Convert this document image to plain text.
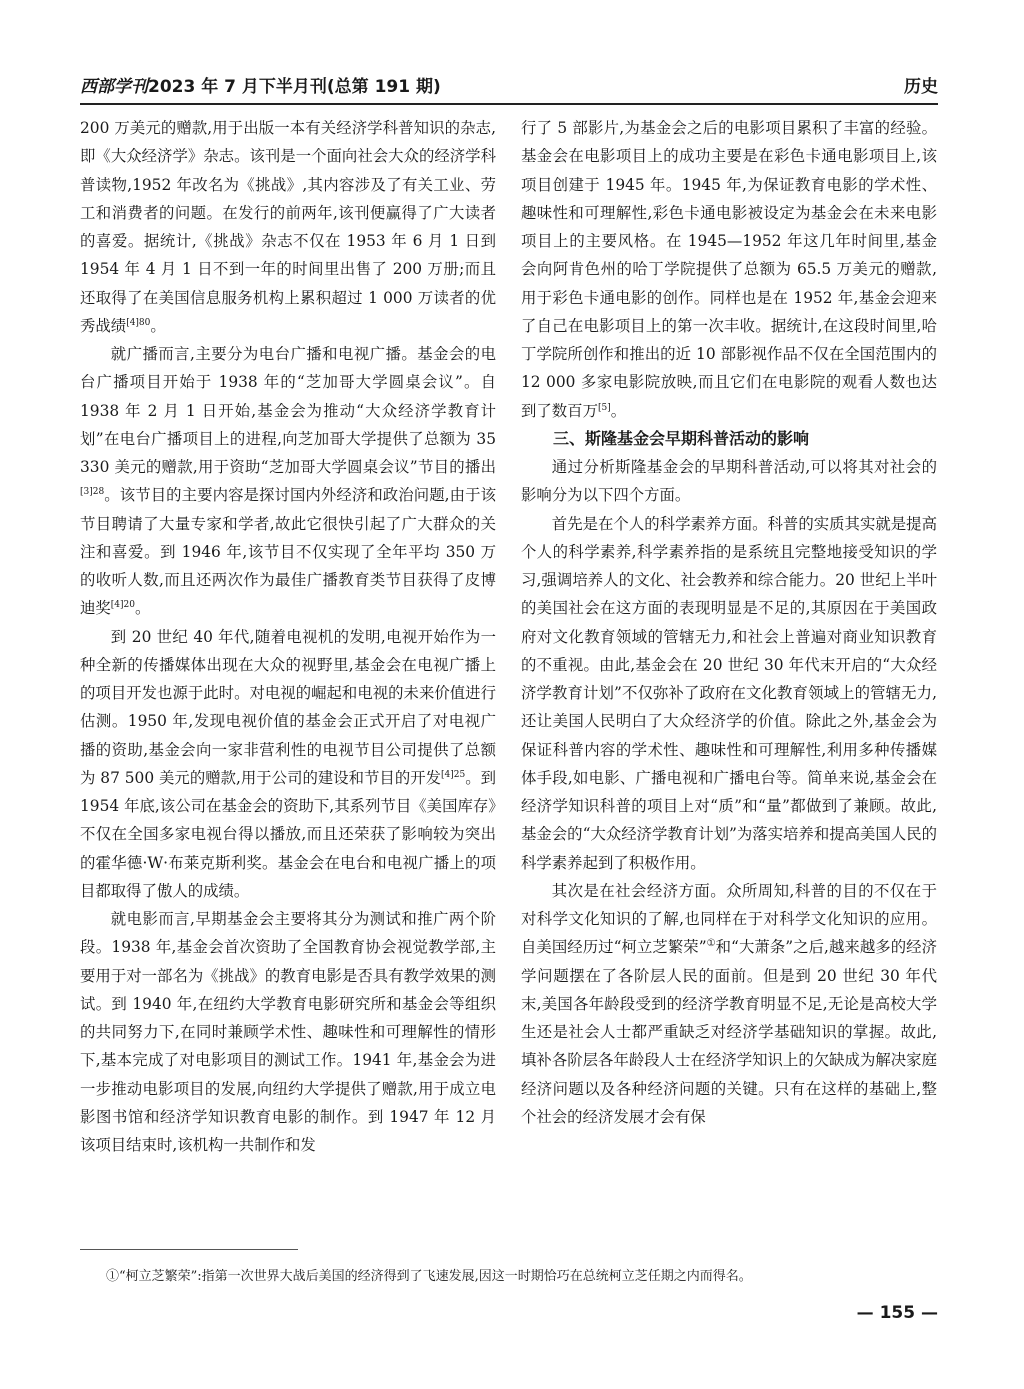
西部学刊2023 年 7 月下半月刊(总第 191 期)	历史

200 万美元的赠款,用于出版一本有关经济学科普知识的杂志,即《大众经济学》杂志。该刊是一个面向社会大众的经济学科普读物,1952 年改名为《挑战》,其内容涉及了有关工业、劳工和消费者的问题。在发行的前两年,该刊便赢得了广大读者的喜爱。据统计,《挑战》杂志不仅在 1953 年 6 月 1 日到 1954 年 4 月 1 日不到一年的时间里出售了 200 万册;而且还取得了在美国信息服务机构上累积超过 1 000 万读者的优秀战绩$^{[4]80}$。

就广播而言,主要分为电台广播和电视广播。基金会的电台广播项目开始于 1938 年的“芝加哥大学圆桌会议”。自 1938 年 2 月 1 日开始,基金会为推动“大众经济学教育计划”在电台广播项目上的进程,向芝加哥大学提供了总额为 35 330 美元的赠款,用于资助“芝加哥大学圆桌会议”节目的播出$^{[3]28}$。该节目的主要内容是探讨国内外经济和政治问题,由于该节目聘请了大量专家和学者,故此它很快引起了广大群众的关注和喜爱。到 1946 年,该节目不仅实现了全年平均 350 万的收听人数,而且还两次作为最佳广播教育类节目获得了皮博迪奖$^{[4]20}$。

到 20 世纪 40 年代,随着电视机的发明,电视开始作为一种全新的传播媒体出现在大众的视野里,基金会在电视广播上的项目开发也源于此时。对电视的崛起和电视的未来价值进行估测。1950 年,发现电视价值的基金会正式开启了对电视广播的资助,基金会向一家非营利性的电视节目公司提供了总额为 87 500 美元的赠款,用于公司的建设和节目的开发$^{[4]25}$。到 1954 年底,该公司在基金会的资助下,其系列节目《美国库存》不仅在全国多家电视台得以播放,而且还荣获了影响较为突出的霍华德·W·布莱克斯利奖。基金会在电台和电视广播上的项目都取得了傲人的成绩。

就电影而言,早期基金会主要将其分为测试和推广两个阶段。1938 年,基金会首次资助了全国教育协会视觉教学部,主要用于对一部名为《挑战》的教育电影是否具有教学效果的测试。到 1940 年,在纽约大学教育电影研究所和基金会等组织的共同努力下,在同时兼顾学术性、趣味性和可理解性的情形下,基本完成了对电影项目的测试工作。1941 年,基金会为进一步推动电影项目的发展,向纽约大学提供了赠款,用于成立电影图书馆和经济学知识教育电影的制作。到 1947 年 12 月该项目结束时,该机构一共制作和发

行了 5 部影片,为基金会之后的电影项目累积了丰富的经验。基金会在电影项目上的成功主要是在彩色卡通电影项目上,该项目创建于 1945 年。1945 年,为保证教育电影的学术性、趣味性和可理解性,彩色卡通电影被设定为基金会在未来电影项目上的主要风格。在 1945—1952 年这几年时间里,基金会向阿肯色州的哈丁学院提供了总额为 65.5 万美元的赠款,用于彩色卡通电影的创作。同样也是在 1952 年,基金会迎来了自己在电影项目上的第一次丰收。据统计,在这段时间里,哈丁学院所创作和推出的近 10 部影视作品不仅在全国范围内的 12 000 多家电影院放映,而且它们在电影院的观看人数也达到了数百万[5]。

三、斯隆基金会早期科普活动的影响

通过分析斯隆基金会的早期科普活动,可以将其对社会的影响分为以下四个方面。

首先是在个人的科学素养方面。科普的实质其实就是提高个人的科学素养,科学素养指的是系统且完整地接受知识的学习,强调培养人的文化、社会教养和综合能力。20 世纪上半叶的美国社会在这方面的表现明显是不足的,其原因在于美国政府对文化教育领域的管辖无力,和社会上普遍对商业知识教育的不重视。由此,基金会在 20 世纪 30 年代末开启的“大众经济学教育计划”不仅弥补了政府在文化教育领域上的管辖无力,还让美国人民明白了大众经济学的价值。除此之外,基金会为保证科普内容的学术性、趣味性和可理解性,利用多种传播媒体手段,如电影、广播电视和广播电台等。简单来说,基金会在经济学知识科普的项目上对“质”和“量”都做到了兼顾。故此,基金会的“大众经济学教育计划”为落实培养和提高美国人民的科学素养起到了积极作用。

其次是在社会经济方面。众所周知,科普的目的不仅在于对科学文化知识的了解,也同样在于对科学文化知识的应用。自美国经历过“柯立芝繁荣”①和“大萧条”之后,越来越多的经济学问题摆在了各阶层人民的面前。但是到 20 世纪 30 年代末,美国各年龄段受到的经济学教育明显不足,无论是高校大学生还是社会人士都严重缺乏对经济学基础知识的掌握。故此,填补各阶层各年龄段人士在经济学知识上的欠缺成为解决家庭经济问题以及各种经济问题的关键。只有在这样的基础上,整个社会的经济发展才会有保

①“柯立芝繁荣”:指第一次世界大战后美国的经济得到了飞速发展,因这一时期恰巧在总统柯立芝任期之内而得名。
— 155 —
